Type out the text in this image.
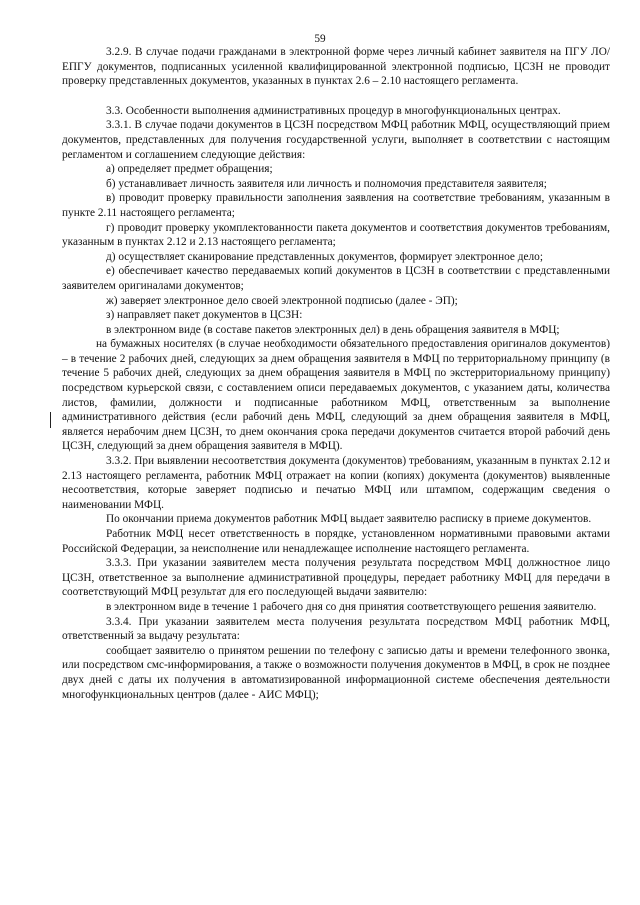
59

3.2.9. В случае подачи гражданами в электронной форме через личный кабинет заявителя на ПГУ ЛО/ ЕПГУ документов, подписанных усиленной квалифицированной электронной подписью, ЦСЗН не проводит проверку представленных документов, указанных в пунктах 2.6 – 2.10 настоящего регламента.

3.3. Особенности выполнения административных процедур в многофункциональных центрах.

3.3.1. В случае подачи документов в ЦСЗН посредством МФЦ работник МФЦ, осуществляющий прием документов, представленных для получения государственной услуги, выполняет в соответствии с настоящим регламентом и соглашением следующие действия:

а) определяет предмет обращения;

б) устанавливает личность заявителя или личность и полномочия представителя заявителя;

в) проводит проверку правильности заполнения заявления на соответствие требованиям, указанным в пункте 2.11 настоящего регламента;

г) проводит проверку укомплектованности пакета документов и соответствия документов требованиям, указанным в пунктах 2.12 и 2.13 настоящего регламента;

д) осуществляет сканирование представленных документов, формирует электронное дело;

е) обеспечивает качество передаваемых копий документов в ЦСЗН в соответствии с представленными заявителем оригиналами документов;

ж) заверяет электронное дело своей электронной подписью (далее - ЭП);

з) направляет пакет документов в ЦСЗН:

в электронном виде (в составе пакетов электронных дел) в день обращения заявителя в МФЦ;

на бумажных носителях (в случае необходимости обязательного предоставления оригиналов документов) – в течение 2 рабочих дней, следующих за днем обращения заявителя в МФЦ по территориальному принципу (в течение 5 рабочих дней, следующих за днем обращения заявителя в МФЦ по экстерриториальному принципу) посредством курьерской связи, с составлением описи передаваемых документов, с указанием даты, количества листов, фамилии, должности и подписанные работником МФЦ, ответственным за выполнение административного действия (если рабочий день МФЦ, следующий за днем обращения заявителя в МФЦ, является нерабочим днем ЦСЗН, то днем окончания срока передачи документов считается второй рабочий день ЦСЗН, следующий за днем обращения заявителя в МФЦ).

3.3.2. При выявлении несоответствия документа (документов) требованиям, указанным в пунктах 2.12 и 2.13 настоящего регламента, работник МФЦ отражает на копии (копиях) документа (документов) выявленные несоответствия, которые заверяет подписью и печатью МФЦ или штампом, содержащим сведения о наименовании МФЦ.

По окончании приема документов работник МФЦ выдает заявителю расписку в приеме документов.

Работник МФЦ несет ответственность в порядке, установленном нормативными правовыми актами Российской Федерации, за неисполнение или ненадлежащее исполнение настоящего регламента.

3.3.3. При указании заявителем места получения результата посредством МФЦ должностное лицо ЦСЗН, ответственное за выполнение административной процедуры, передает работнику МФЦ для передачи в соответствующий МФЦ результат для его последующей выдачи заявителю:

в электронном виде в течение 1 рабочего дня со дня принятия соответствующего решения заявителю.

3.3.4. При указании заявителем места получения результата посредством МФЦ работник МФЦ, ответственный за выдачу результата:

сообщает заявителю о принятом решении по телефону с записью даты и времени телефонного звонка, или посредством смс-информирования, а также о возможности получения документов в МФЦ, в срок не позднее двух дней с даты их получения в автоматизированной информационной системе обеспечения деятельности многофункциональных центров (далее - АИС МФЦ);
